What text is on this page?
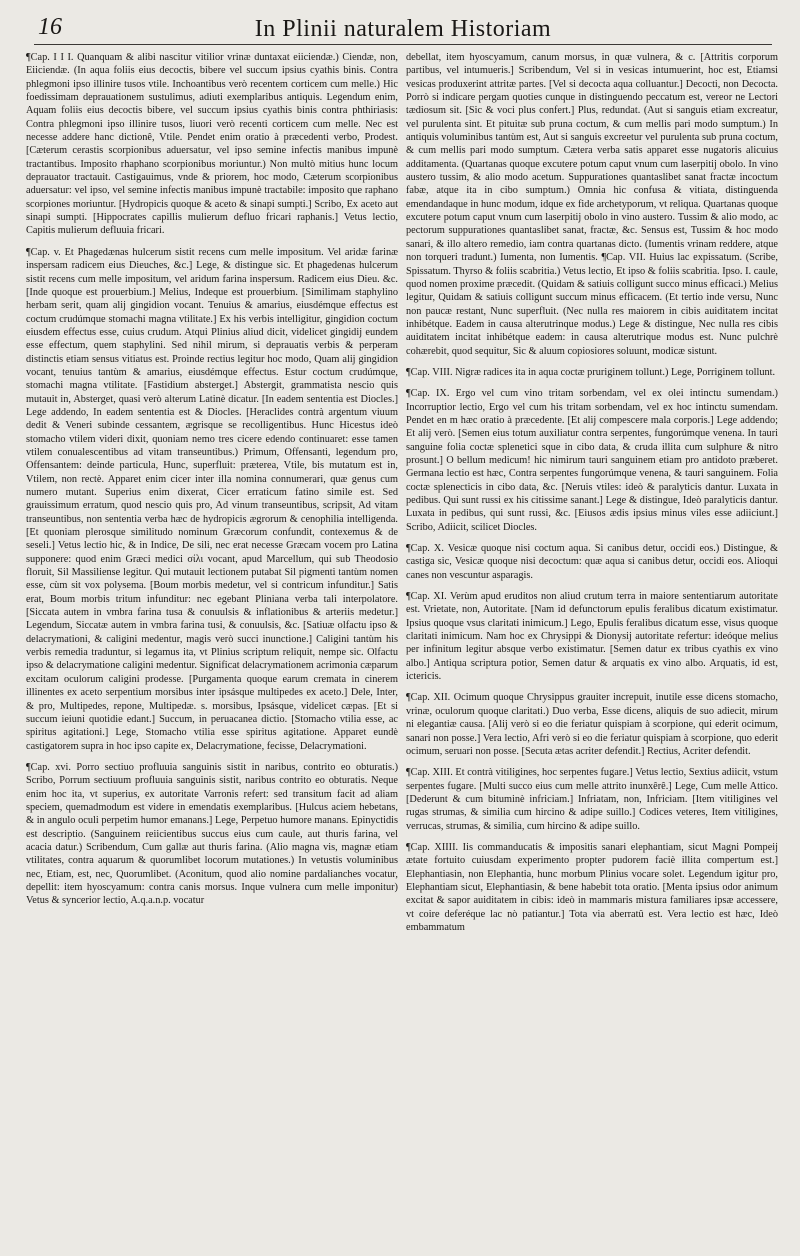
16	In Plinii naturalem Historiam

¶Cap. I I I. Quanquam & alibi nascitur vitilior vrinæ duntaxat eiiciendæ.) Ciendæ, non, Eiiciendæ. (In aqua foliis eius decoctis, bibere vel succum ipsius cyathis binis. Contra phlegmoni ipso illinire tusos vtile. Inchoantibus verò recentem corticem cum melle.) Hic foedissimam deprauationem sustulimus, adiuti exemplaribus antiquis. Legendum enim, Aquam foliis eius decoctis bibere, vel succum ipsius cyathis binis contra phthiriasis: Contra phlegmoni ipso illinire tusos, liuori verò recenti corticem cum melle. Nec est necesse addere hanc dictionê, Vtile. Pendet enim oratio à præcedenti verbo, Prodest. [Cæterum cerastis scorpionibus aduersatur, vel ipso semine infectis manibus impunè tractantibus. Imposito rhaphano scorpionibus moriuntur.) Non multò mitius hunc locum deprauator tractauit. Castigauimus, vnde & priorem, hoc modo, Cæterum scorpionibus aduersatur: vel ipso, vel semine infectis manibus impunè tractabile: imposito que raphano scorpiones moriuntur. [Hydropicis quoque & aceto & sinapi sumpti.] Scribo, Ex aceto aut sinapi sumpti. [Hippocrates capillis mulierum defluo fricari raphanis.] Vetus lectio, Capitis mulierum defluuia fricari.

¶Cap. v. Et Phagedænas hulcerum sistit recens cum melle impositum. Vel aridæ farinæ inspersam radicem eius Dieuches, &c.] Lege, & distingue sic. Et phagedenas hulcerum sistit recens cum melle impositum, vel aridum farina inspersum. Radicem eius Dieu. &c. [Inde quoque est prouerbium.] Melius, Indeque est prouerbium. [Similimam staphylino herbam serit, quam alij gingidion vocant. Tenuius & amarius, eiusdémque effectus est coctum crudúmque stomachi magna vtilitate.] Ex his verbis intelligitur, gingidion coctum eiusdem effectus esse, cuius crudum. Atqui Plinius aliud dicit, videlicet gingidij eundem esse effectum, quem staphylini. Sed nihil mirum, si deprauatis verbis & perperam distinctis etiam sensus vitiatus est. Proinde rectius legitur hoc modo, Quam alij gingidion vocant, tenuius tantùm & amarius, eiusdémque effectus. Estur coctum crudúmque, stomachi magna vtilitate. [Fastidium absterget.] Abstergit, grammatista nescio quis mutauit in, Absterget, quasi verò alterum Latinè dicatur. [In eadem sententia est Diocles.] Lege addendo, In eadem sententia est & Diocles. [Heraclides contrà argentum viuum dedit & Veneri subinde cessantem, ægrisque se recolligentibus. Hunc Hicestus ideò stomacho vtilem videri dixit, quoniam nemo tres cicere edendo continuaret: esse tamen vtilem conualescentibus ad vitam transeuntibus.) Primum, Offensanti, legendum pro, Offensantem: deinde particula, Hunc, superfluit: præterea, Vtile, bis mutatum est in, Vtilem, non rectè. Apparet enim cicer inter illa nomina connumerari, quæ genus cum numero mutant. Superius enim dixerat, Cicer erraticum fatino simile est. Sed grauissimum erratum, quod nescio quis pro, Ad vinum transeuntibus, scripsit, Ad vitam transeuntibus, non sententia verba hæc de hydropicis ægrorum & cenophilia intelligenda. [Et quoniam plerosque similitudo nominum Græcorum confundit, contexemus & de seseli.] Vetus lectio hic, & in Indice, De sili, nec erat necesse Græcam vocem pro Latina supponere: quod enim Græci medici σίλι vocant, apud Marcellum, qui sub Theodosio floruit, Sil Massiliense legitur. Qui mutauit lectionem putabat Sil pigmenti tantùm nomen esse, cùm sit vox polysema. [Boum morbis medetur, vel si contricum infunditur.] Satis erat, Boum morbis tritum infunditur: nec egebant Pliniana verba tali interpolatore. [Siccata autem in vmbra farina tusa & conuulsis & inflationibus & arteriis medetur.] Legendum, Siccatæ autem in vmbra farina tusi, & conuulsis, &c. [Satiuæ olfactu ipso & delacrymationi, & caligini medentur, magis verò succi inunctione.] Caligini tantùm his verbis remedia traduntur, si legamus ita, vt Plinius scriptum reliquit, nempe sic. Olfactu ipso & delacrymatione caligini medentur. Significat delacrymationem acrimonia cæparum excitam oculorum caligini prodesse. [Purgamenta quoque earum cremata in cinerem illinentes ex aceto serpentium morsibus inter ipsásque multipedes ex aceto.] Dele, Inter, & pro, Multipedes, repone, Multipedæ. s. morsibus, Ipsásque, videlicet cæpas. [Et si succum ieiuni quotidie edant.] Succum, in peruacanea dictio. [Stomacho vtilia esse, ac spiritus agitationi.] Lege, Stomacho vtilia esse spiritus agitatione. Apparet eundè castigatorem supra in hoc ipso capite ex, Delacrymatione, fecisse, Delacrymationi.

¶Cap. xvi. Porro sectiuo profluuia sanguinis sistit in naribus, contrito eo obturatis.) Scribo, Porrum sectiuum profluuia sanguinis sistit, naribus contrito eo obturatis. Neque enim hoc ita, vt superius, ex autoritate Varronis refert: sed transitum facit ad aliam speciem, quemadmodum est videre in emendatis exemplaribus. [Hulcus aciem hebetans, & in angulo oculi perpetim humor emanans.] Lege, Perpetuo humore manans. Epinyctidis est descriptio. (Sanguinem reiicientibus succus eius cum caule, aut thuris farina, vel acacia datur.) Scribendum, Cum gallæ aut thuris farina. (Alio magna vis, magnæ etiam vtilitates, contra aquarum & quorumlibet locorum mutationes.) In vetustis voluminibus nec, Etiam, est, nec, Quorumlibet. (Aconitum, quod alio nomine pardalianches vocatur, depellit: item hyoscyamum: contra canis morsus. Inque vulnera cum melle imponitur) Vetus & syncerior lectio, A.q.a.n.p. vocatur

debellat, item hyoscyamum, canum morsus, in quæ vulnera, & c. [Attritis corporum partibus, vel intumueris.] Scribendum, Vel si in vesicas intumuerint, hoc est, Etiamsi vesicas produxerint attritæ partes. [Vel si decocta aqua colluantur.] Decocti, non Decocta. Porrò si indicare pergam quoties cunque in distinguendo peccatum est, vereor ne Lectori tædiosum sit. [Sic & voci plus confert.] Plus, redundat. (Aut si sanguis etiam excreatur, vel purulenta sint. Et pituitæ sub pruna coctum, & cum mellis pari modo sumptum.) In antiquis voluminibus tantùm est, Aut si sanguis excreetur vel purulenta sub pruna coctum, & cum mellis pari modo sumptum. Cætera verba satis apparet esse nugatoris alicuius additamenta. (Quartanas quoque excutere potum caput vnum cum laserpitij obolo. In vino austero tussim, & alio modo acetum. Suppurationes quantaslibet sanat fractæ incoctum fabæ, atque ita in cibo sumptum.) Omnia hic confusa & vitiata, distinguenda emendandaque in hunc modum, idque ex fide archetyporum, vt reliqua. Quartanas quoque excutere potum caput vnum cum laserpitij obolo in vino austero. Tussim & alio modo, ac pectorum suppurationes quantaslibet sanat, fractæ, &c. Sensus est, Tussim & hoc modo sanari, & illo altero remedio, iam contra quartanas dicto. (Iumentis vrinam reddere, atque non torqueri tradunt.) Iumenta, non Iumentis. ¶Cap. VII. Huius lac expissatum. (Scribe, Spissatum. Thyrso & foliis scabritia.) Vetus lectio, Et ipso & foliis scabritia. Ipso. I. caule, quod nomen proxime præcedit. (Quidam & satiuis colligunt succo minus efficaci.) Melius legitur, Quidam & satiuis colligunt succum minus efficacem. (Et tertio inde versu, Nunc non paucæ restant, Nunc superfluit. (Nec nulla res maiorem in cibis auiditatem incitat inhibétque. Eadem in causa alterutrinque modus.) Lege & distingue, Nec nulla res cibis auiditatem incitat inhibétque eadem: in causa alterutrique modus est. Nunc pulchrè cohærebit, quod sequitur, Sic & aluum copiosiores soluunt, modicæ sistunt.

¶Cap. VIII. Nigræ radices ita in aqua coctæ pruriginem tollunt.) Lege, Porriginem tollunt.

¶Cap. IX. Ergo vel cum vino tritam sorbendam, vel ex olei intinctu sumendam.) Incorruptior lectio, Ergo vel cum his tritam sorbendam, vel ex hoc intinctu sumendam. Pendet en m hæc oratio à præcedente. [Et alij compescere mala corporis.] Lege addendo; Et alij verò. [Semen eius totum auxiliatur contra serpentes, fungorúmque venena. In tauri sanguine folia coctæ splenetici sque in cibo data, & cruda illita cum sulphure & nitro prosunt.] O bellum medicum! hic nimirum tauri sanguinem etiam pro antidoto præberet. Germana lectio est hæc, Contra serpentes fungorúmque venena, & tauri sanguinem. Folia coctæ splenecticis in cibo data, &c. [Neruis vtiles: ideò & paralyticis dantur. Luxata in pedibus. Qui sunt russi ex his citissime sanant.] Lege & distingue, Ideò paralyticis dantur. Luxata in pedibus, qui sunt russi, &c. [Eiusos ædis ipsius minus viles esse adiiciunt.] Scribo, Adiicit, scilicet Diocles.

¶Cap. X. Vesicæ quoque nisi coctum aqua. Si canibus detur, occidi eos.) Distingue, & castiga sic, Vesicæ quoque nisi decoctum: quæ aqua si canibus detur, occidi eos. Alioqui canes non vescuntur asparagis.

¶Cap. XI. Verùm apud eruditos non aliud crutum terra in maiore sententiarum autoritate est. Vrietate, non, Autoritate. [Nam id defunctorum epulis feralibus dicatum existimatur. Ipsius quoque vsus claritati inimicum.] Lego, Epulis feralibus dicatum esse, visus quoque claritati inimicum. Nam hoc ex Chrysippi & Dionysij autoritate refertur: ideóque melius per infinitum legitur absque verbo existimatur. [Semen datur ex tribus cyathis ex vino albo.] Antiqua scriptura potior, Semen datur & arquatis ex vino albo. Arquatis, id est, ictericis.

¶Cap. XII. Ocimum quoque Chrysippus grauiter increpuit, inutile esse dicens stomacho, vrinæ, oculorum quoque claritati.) Duo verba, Esse dicens, aliquis de suo adiecit, mirum ni elegantiæ causa. [Alij verò si eo die feriatur quispiam à scorpione, qui ederit ocimum, sanari non posse.] Vera lectio, Afri verò si eo die feriatur quispiam à scorpione, quo ederit ocimum, seruari non posse. [Secuta ætas acriter defendit.] Rectius, Acriter defendit.

¶Cap. XIII. Et contrà vitiligines, hoc serpentes fugare.] Vetus lectio, Sextius adiicit, vstum serpentes fugare. [Multi succo eius cum melle attrito inunxêrê.] Lege, Cum melle Attico. [Dederunt & cum bituminè infriciam.] Infriatam, non, Infricìam. [Item vitiligines vel rugas strumas, & similia cum hircino & adipe suillo.] Codices veteres, Item vitiligines, verrucas, strumas, & similia, cum hircino & adipe suillo.

¶Cap. XIIII. Iis commanducatis & impositis sanari elephantiam, sicut Magni Pompeij ætate fortuito cuiusdam experimento propter pudorem faciè illita compertum est.] Elephantiasin, non Elephantia, hunc morbum Plinius vocare solet. Legendum igitur pro, Elephantiam sicut, Elephantiasin, & bene habebit tota oratio. [Menta ipsius odor animum excitat & sapor auiditatem in cibis: ideò in mammaris mistura familiares ipsæ accessere, vt coire deferéque lac nò patiantur.] Tota via aberratû est. Vera lectio est hæc, Ideò embammatum
